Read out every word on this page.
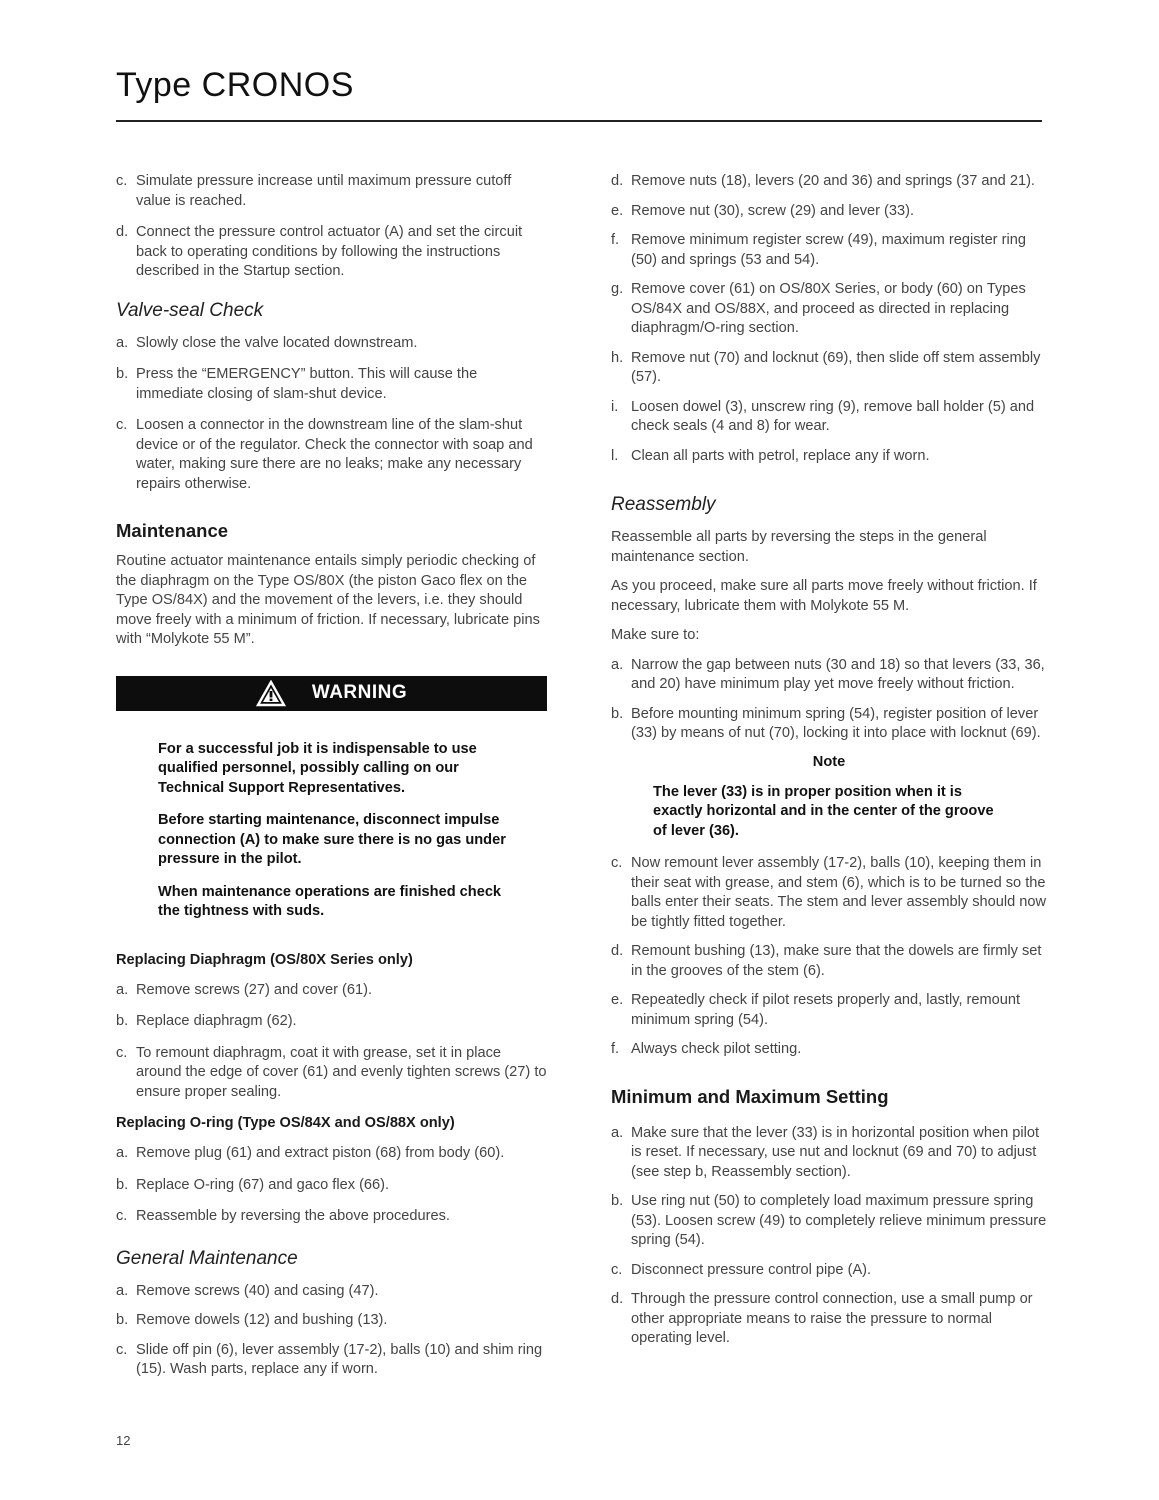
Type CRONOS
c. Simulate pressure increase until maximum pressure cutoff value is reached.
d. Connect the pressure control actuator (A) and set the circuit back to operating conditions by following the instructions described in the Startup section.
Valve-seal Check
a. Slowly close the valve located downstream.
b. Press the “EMERGENCY” button. This will cause the immediate closing of slam-shut device.
c. Loosen a connector in the downstream line of the slam-shut device or of the regulator. Check the connector with soap and water, making sure there are no leaks; make any necessary repairs otherwise.
Maintenance

Routine actuator maintenance entails simply periodic checking of the diaphragm on the Type OS/80X (the piston Gaco flex on the Type OS/84X) and the movement of the levers, i.e. they should move freely with a minimum of friction. If necessary, lubricate pins with “Molykote 55 M”.

WARNING

For a successful job it is indispensable to use qualified personnel, possibly calling on our Technical Support Representatives.

Before starting maintenance, disconnect impulse connection (A) to make sure there is no gas under pressure in the pilot.

When maintenance operations are finished check the tightness with suds.

Replacing Diaphragm (OS/80X Series only)
a. Remove screws (27) and cover (61).
b. Replace diaphragm (62).
c. To remount diaphragm, coat it with grease, set it in place around the edge of cover (61) and evenly tighten screws (27) to ensure proper sealing.
Replacing O-ring (Type OS/84X and OS/88X only)
a. Remove plug (61) and extract piston (68) from body (60).
b. Replace O-ring (67) and gaco flex (66).
c. Reassemble by reversing the above procedures.
General Maintenance
a. Remove screws (40) and casing (47).
b. Remove dowels (12) and bushing (13).
c. Slide off pin (6), lever assembly (17-2), balls (10) and shim ring (15). Wash parts, replace any if worn.
d. Remove nuts (18), levers (20 and 36) and springs (37 and 21).
e. Remove nut (30), screw (29) and lever (33).
f. Remove minimum register screw (49), maximum register ring (50) and springs (53 and 54).
g. Remove cover (61) on OS/80X Series, or body (60) on Types OS/84X and OS/88X, and proceed as directed in replacing diaphragm/O-ring section.
h. Remove nut (70) and locknut (69), then slide off stem assembly (57).
i. Loosen dowel (3), unscrew ring (9), remove ball holder (5) and check seals (4 and 8) for wear.
l. Clean all parts with petrol, replace any if worn.
Reassembly

Reassemble all parts by reversing the steps in the general maintenance section.

As you proceed, make sure all parts move freely without friction. If necessary, lubricate them with Molykote 55 M.

Make sure to:

a. Narrow the gap between nuts (30 and 18) so that levers (33, 36, and 20) have minimum play yet move freely without friction.
b. Before mounting minimum spring (54), register position of lever (33) by means of nut (70), locking it into place with locknut (69).

Note

The lever (33) is in proper position when it is exactly horizontal and in the center of the groove of lever (36).

c. Now remount lever assembly (17-2), balls (10), keeping them in their seat with grease, and stem (6), which is to be turned so the balls enter their seats. The stem and lever assembly should now be tightly fitted together.
d. Remount bushing (13), make sure that the dowels are firmly set in the grooves of the stem (6).
e. Repeatedly check if pilot resets properly and, lastly, remount minimum spring (54).
f. Always check pilot setting.
Minimum and Maximum Setting
a. Make sure that the lever (33) is in horizontal position when pilot is reset. If necessary, use nut and locknut (69 and 70) to adjust (see step b, Reassembly section).
b. Use ring nut (50) to completely load maximum pressure spring (53). Loosen screw (49) to completely relieve minimum pressure spring (54).
c. Disconnect pressure control pipe (A).
d. Through the pressure control connection, use a small pump or other appropriate means to raise the pressure to normal operating level.
12
